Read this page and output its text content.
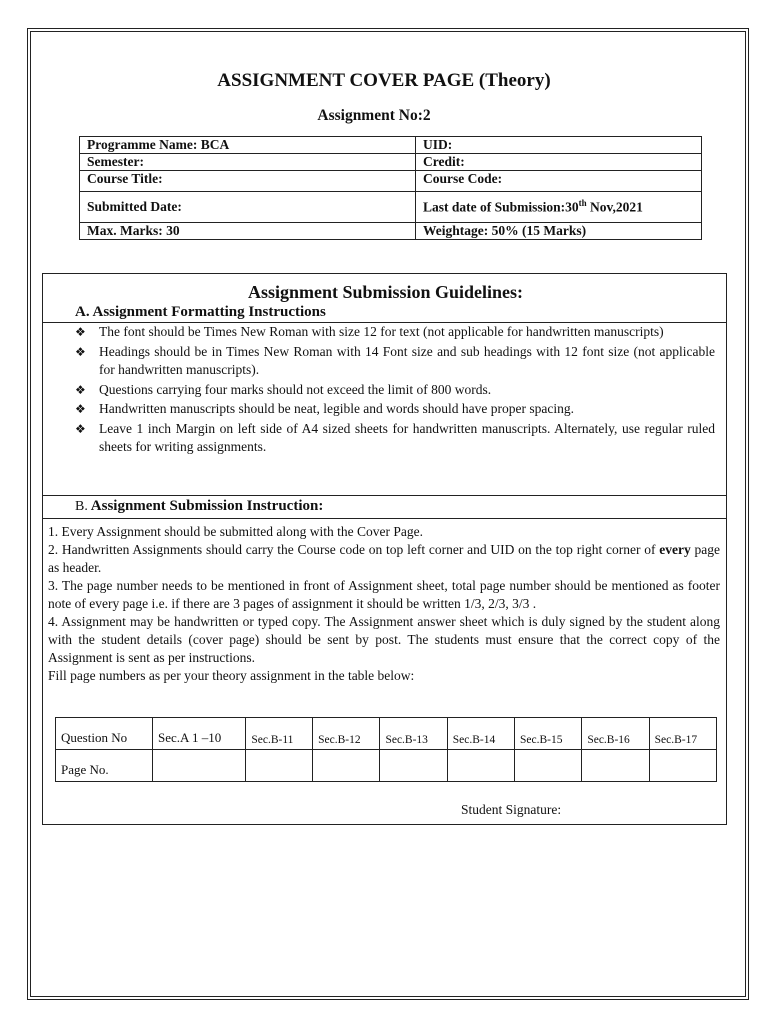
ASSIGNMENT COVER PAGE (Theory)
Assignment No:2
Programme Name: BCA	UID:
Semester:	Credit:
Course Title:	Course Code:
Submitted Date:	Last date of Submission:30th Nov,2021
Max. Marks: 30	Weightage: 50% (15 Marks)
Assignment Submission Guidelines:
A. Assignment Formatting Instructions
❖ The font should be Times New Roman with size 12 for text (not applicable for handwritten manuscripts)
❖ Headings should be in Times New Roman with 14 Font size and sub headings with 12 font size (not applicable for handwritten manuscripts).
❖ Questions carrying four marks should not exceed the limit of 800 words.
❖ Handwritten manuscripts should be neat, legible and words should have proper spacing.
❖ Leave 1 inch Margin on left side of A4 sized sheets for handwritten manuscripts. Alternately, use regular ruled sheets for writing assignments.
B. Assignment Submission Instruction:

1. Every Assignment should be submitted along with the Cover Page.

2. Handwritten Assignments should carry the Course code on top left corner and UID on the top right corner of every page as header.

3. The page number needs to be mentioned in front of Assignment sheet, total page number should be mentioned as footer note of every page i.e. if there are 3 pages of assignment it should be written 1/3, 2/3, 3/3 .

4. Assignment may be handwritten or typed copy. The Assignment answer sheet which is duly signed by the student along with the student details (cover page) should be sent by post. The students must ensure that the correct copy of the Assignment is sent as per instructions.

Fill page numbers as per your theory assignment in the table below:

Question No	Sec.A 1 –10	Sec.B-11	Sec.B-12	Sec.B-13	Sec.B-14	Sec.B-15	Sec.B-16	Sec.B-17
Page No.								
Student Signature:
